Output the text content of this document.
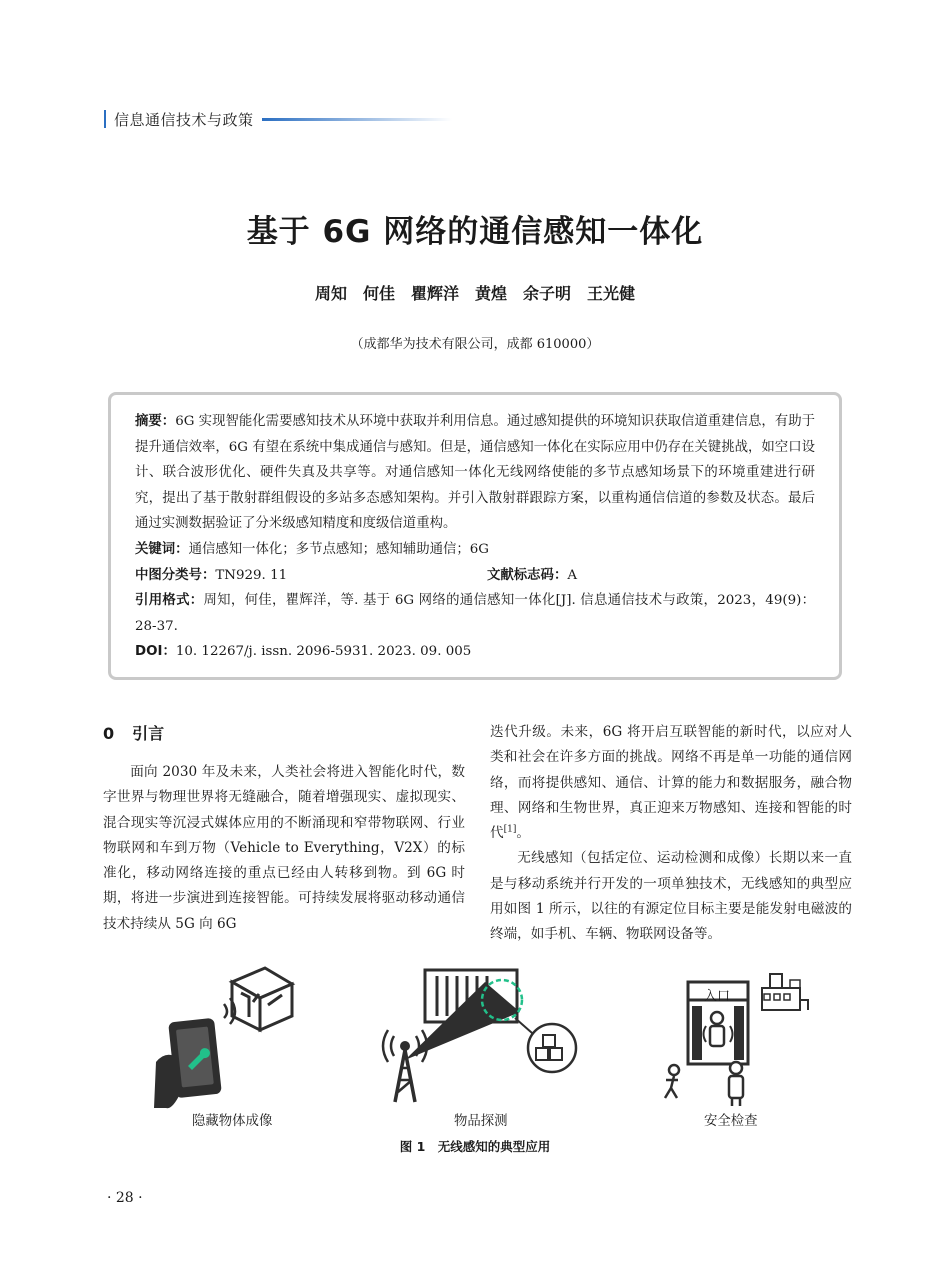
信息通信技术与政策
基于 6G 网络的通信感知一体化
周知　何佳　瞿辉洋　黄煌　余子明　王光健
（成都华为技术有限公司，成都 610000）

摘要：6G 实现智能化需要感知技术从环境中获取并利用信息。通过感知提供的环境知识获取信道重建信息，有助于提升通信效率，6G 有望在系统中集成通信与感知。但是，通信感知一体化在实际应用中仍存在关键挑战，如空口设计、联合波形优化、硬件失真及共享等。对通信感知一体化无线网络使能的多节点感知场景下的环境重建进行研究，提出了基于散射群组假设的多站多态感知架构。并引入散射群跟踪方案，以重构通信信道的参数及状态。最后通过实测数据验证了分米级感知精度和度级信道重构。

关键词：通信感知一体化；多节点感知；感知辅助通信；6G

中图分类号：TN929. 11	文献标志码：A

引用格式：周知，何佳，瞿辉洋，等. 基于 6G 网络的通信感知一体化[J]. 信息通信技术与政策，2023，49(9)：28-37.

DOI：10. 12267/j. issn. 2096-5931. 2023. 09. 005

0 引言

面向 2030 年及未来，人类社会将进入智能化时代，数字世界与物理世界将无缝融合，随着增强现实、虚拟现实、混合现实等沉浸式媒体应用的不断涌现和窄带物联网、行业物联网和车到万物（Vehicle to Everything，V2X）的标准化，移动网络连接的重点已经由人转移到物。到 6G 时期，将进一步演进到连接智能。可持续发展将驱动移动通信技术持续从 5G 向 6G

迭代升级。未来，6G 将开启互联智能的新时代，以应对人类和社会在许多方面的挑战。网络不再是单一功能的通信网络，而将提供感知、通信、计算的能力和数据服务，融合物理、网络和生物世界，真正迎来万物感知、连接和智能的时代[1]。

无线感知（包括定位、运动检测和成像）长期以来一直是与移动系统并行开发的一项单独技术，无线感知的典型应用如图 1 所示，以往的有源定位目标主要是能发射电磁波的终端，如手机、车辆、物联网设备等。

隐藏物体成像	物品探测	安全检查
入口
图 1　无线感知的典型应用
· 28 ·
